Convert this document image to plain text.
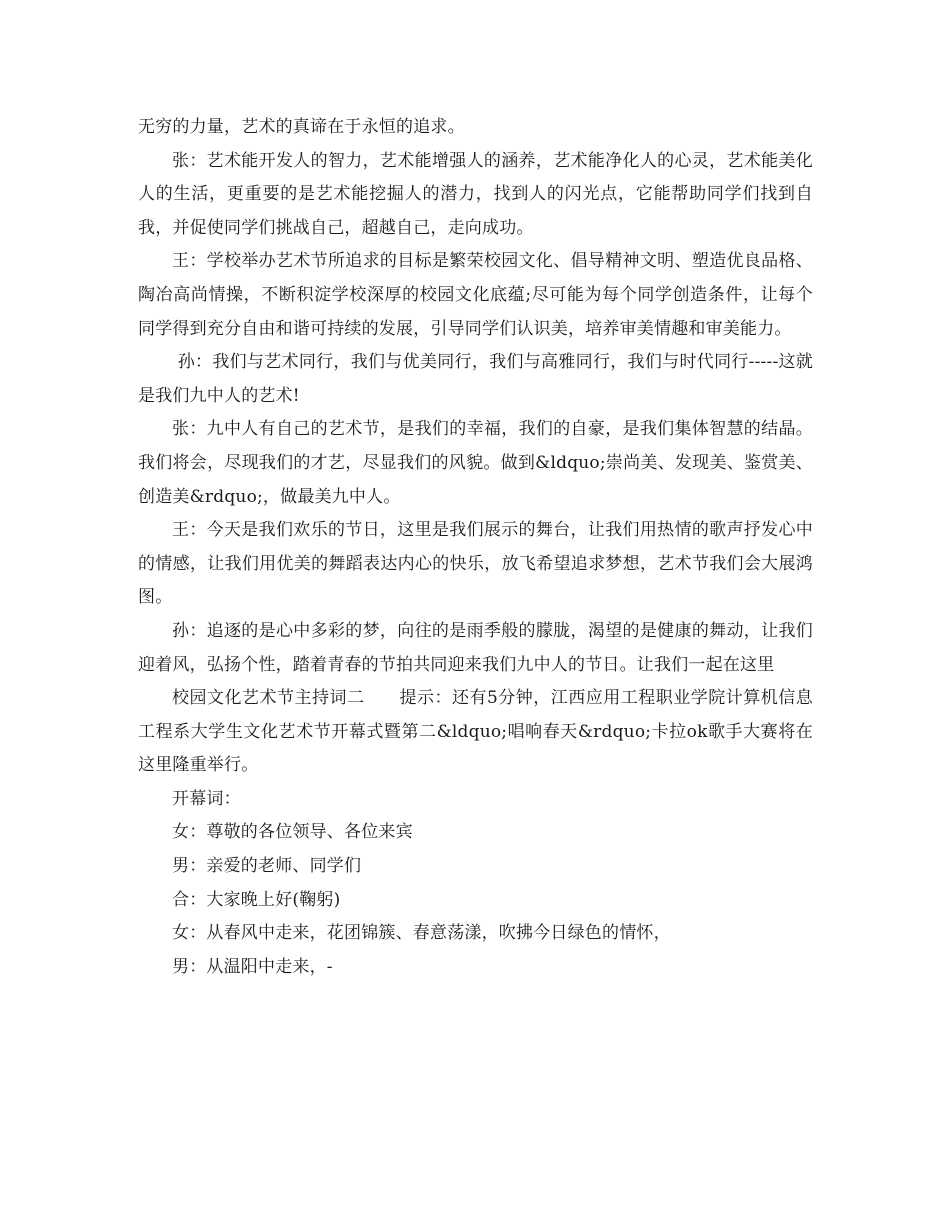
无穷的力量，艺术的真谛在于永恒的追求。

张：艺术能开发人的智力，艺术能增强人的涵养，艺术能净化人的心灵，艺术能美化人的生活，更重要的是艺术能挖掘人的潜力，找到人的闪光点，它能帮助同学们找到自我，并促使同学们挑战自己，超越自己，走向成功。

王：学校举办艺术节所追求的目标是繁荣校园文化、倡导精神文明、塑造优良品格、陶冶高尚情操，不断积淀学校深厚的校园文化底蕴;尽可能为每个同学创造条件，让每个同学得到充分自由和谐可持续的发展，引导同学们认识美，培养审美情趣和审美能力。

孙：我们与艺术同行，我们与优美同行，我们与高雅同行，我们与时代同行-----这就是我们九中人的艺术!

张：九中人有自己的艺术节，是我们的幸福，我们的自豪，是我们集体智慧的结晶。我们将会，尽现我们的才艺，尽显我们的风貌。做到&ldquo;崇尚美、发现美、鉴赏美、创造美&rdquo;，做最美九中人。

王：今天是我们欢乐的节日，这里是我们展示的舞台，让我们用热情的歌声抒发心中的情感，让我们用优美的舞蹈表达内心的快乐，放飞希望追求梦想，艺术节我们会大展鸿图。

孙：追逐的是心中多彩的梦，向往的是雨季般的朦胧，渴望的是健康的舞动，让我们迎着风，弘扬个性，踏着青春的节拍共同迎来我们九中人的节日。让我们一起在这里

校园文化艺术节主持词二　　提示：还有5分钟，江西应用工程职业学院计算机信息工程系大学生文化艺术节开幕式暨第二&ldquo;唱响春天&rdquo;卡拉ok歌手大赛将在这里隆重举行。

开幕词：

女：尊敬的各位领导、各位来宾

男：亲爱的老师、同学们

合：大家晚上好(鞠躬)

女：从春风中走来，花团锦簇、春意荡漾，吹拂今日绿色的情怀，

男：从温阳中走来，-
